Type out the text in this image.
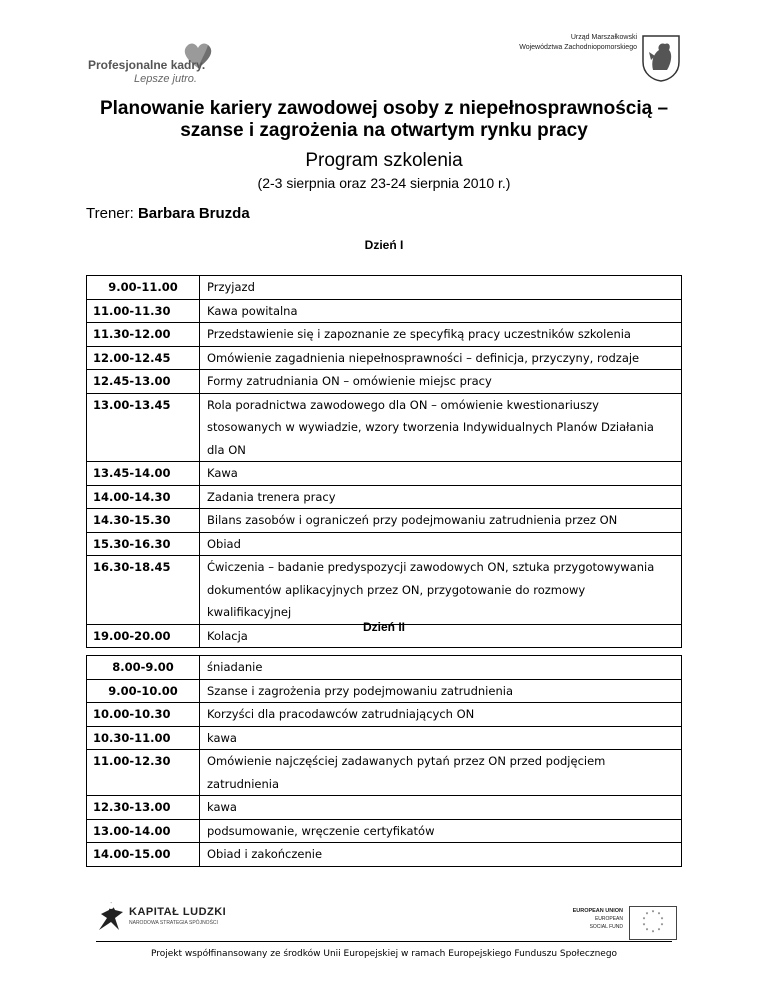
Profesjonalne kadry.
Lepsze jutro.
Urząd Marszałkowski
Województwa Zachodniopomorskiego
Planowanie kariery zawodowej osoby z niepełnosprawnością –
szanse i zagrożenia na otwartym rynku pracy
Program szkolenia
(2-3 sierpnia oraz 23-24 sierpnia 2010 r.)
Trener: Barbara Bruzda
Dzień I
9.00-11.00	Przyjazd

11.00-11.30	Kawa powitalna

11.30-12.00	Przedstawienie się i zapoznanie ze specyfiką pracy uczestników szkolenia

12.00-12.45	Omówienie zagadnienia niepełnosprawności – definicja, przyczyny, rodzaje

12.45-13.00	Formy zatrudniania ON – omówienie miejsc pracy

13.00-13.45	Rola poradnictwa zawodowego dla ON – omówienie kwestionariuszy
stosowanych w wywiadzie, wzory tworzenia Indywidualnych Planów Działania
dla ON

13.45-14.00	Kawa

14.00-14.30	Zadania trenera pracy

14.30-15.30	Bilans zasobów i ograniczeń przy podejmowaniu zatrudnienia przez ON

15.30-16.30	Obiad

16.30-18.45	Ćwiczenia – badanie predyspozycji zawodowych ON, sztuka przygotowywania
dokumentów aplikacyjnych przez ON, przygotowanie do rozmowy
kwalifikacyjnej

19.00-20.00	Kolacja
Dzień II
8.00-9.00	śniadanie

9.00-10.00	Szanse i zagrożenia przy podejmowaniu zatrudnienia

10.00-10.30	Korzyści dla pracodawców zatrudniających ON

10.30-11.00	kawa

11.00-12.30	Omówienie najczęściej zadawanych pytań przez ON przed podjęciem
zatrudnienia

12.30-13.00	kawa

13.00-14.00	podsumowanie, wręczenie certyfikatów

14.00-15.00	Obiad i zakończenie
KAPITAŁ LUDZKI
NARODOWA STRATEGIA SPÓJNOŚCI
EUROPEAN UNION
EUROPEAN
SOCIAL FUND
* *
*
*
*
*
*
*
*
*
Projekt współfinansowany ze środków Unii Europejskiej w ramach Europejskiego Funduszu Społecznego
